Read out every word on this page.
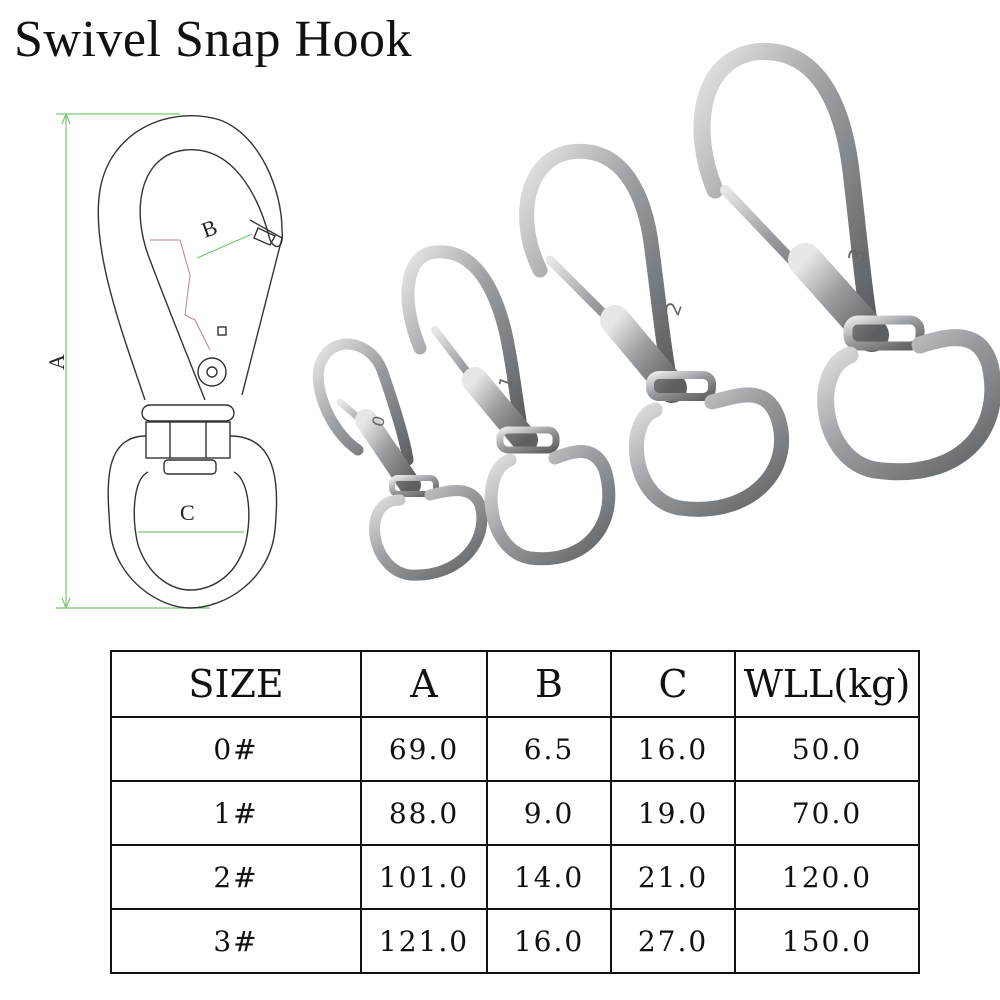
Swivel Snap Hook
A
B
C
0
1
2
3
SIZE	A	B	C	WLL(kg)
0#	69.0	6.5	16.0	50.0
1#	88.0	9.0	19.0	70.0
2#	101.0	14.0	21.0	120.0
3#	121.0	16.0	27.0	150.0
